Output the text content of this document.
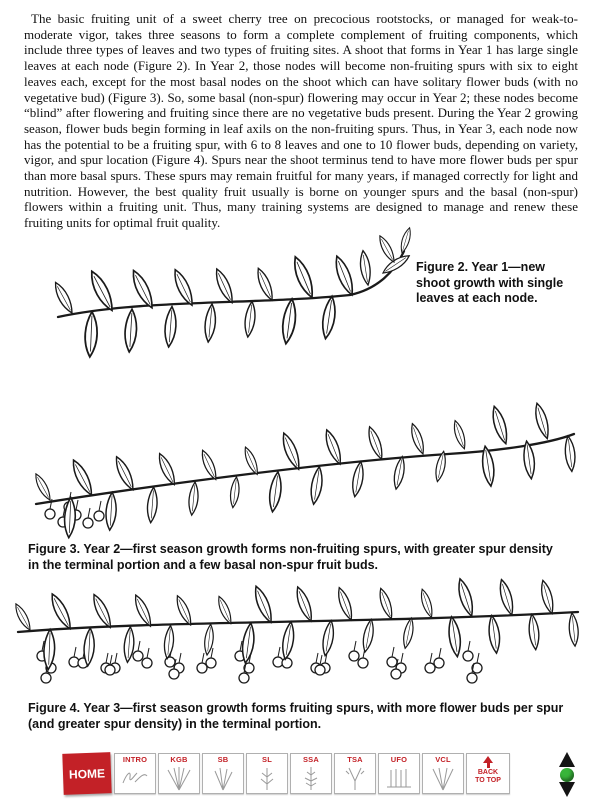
The basic fruiting unit of a sweet cherry tree on precocious rootstocks, or managed for weak-to-moderate vigor, takes three seasons to form a complete complement of fruiting components, which include three types of leaves and two types of fruiting sites. A shoot that forms in Year 1 has large single leaves at each node (Figure 2). In Year 2, those nodes will become non-fruiting spurs with six to eight leaves each, except for the most basal nodes on the shoot which can have solitary flower buds (with no vegetative bud) (Figure 3). So, some basal (non-spur) flowering may occur in Year 2; these nodes become “blind” after flowering and fruiting since there are no vegetative buds present. During the Year 2 growing season, flower buds begin forming in leaf axils on the non-fruiting spurs. Thus, in Year 3, each node now has the potential to be a fruiting spur, with 6 to 8 leaves and one to 10 flower buds, depending on variety, vigor, and spur location (Figure 4). Spurs near the shoot terminus tend to have more flower buds per spur than more basal spurs. These spurs may remain fruitful for many years, if managed correctly for light and nutrition. However, the best quality fruit usually is borne on younger spurs and the basal (non-spur) flowers within a fruiting unit. Thus, many training systems are designed to manage and renew these fruiting units for optimal fruit quality.

Figure 2. Year 1—new shoot growth with single leaves at each node.
Figure 3. Year 2—first season growth forms non-fruiting spurs, with greater spur density in the terminal portion and a few basal non-spur fruit buds.
Figure 4. Year 3—first season growth forms fruiting spurs, with more flower buds per spur (and greater spur density) in the terminal portion.
HOME
INTRO	KGB	SB	SL	SSA	TSA	UFO	VCL
BACK TO TOP
